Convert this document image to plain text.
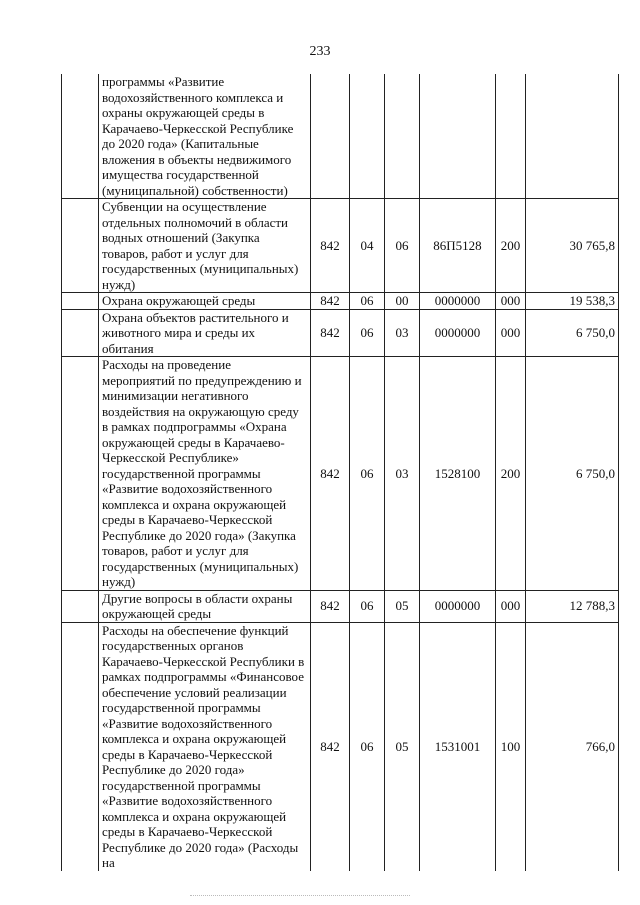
233
	программы «Развитие водохозяйственного комплекса и охраны окружающей среды в Карачаево-Черкесской Республике до 2020 года» (Капитальные вложения в объекты недвижимого имущества государственной (муниципальной) собственности)						
	Субвенции на осуществление отдельных полномочий в области водных отношений (Закупка товаров, работ и услуг для государственных (муниципальных) нужд)	842	04	06	86П5128	200	30 765,8
	Охрана окружающей среды	842	06	00	0000000	000	19 538,3
	Охрана объектов растительного и животного мира и среды их обитания	842	06	03	0000000	000	6 750,0
	Расходы на проведение мероприятий по предупреждению и минимизации негативного воздействия на окружающую среду в рамках подпрограммы «Охрана окружающей среды в Карачаево-Черкесской Республике» государственной программы «Развитие водохозяйственного комплекса и охрана окружающей среды в Карачаево-Черкесской Республике до 2020 года» (Закупка товаров, работ и услуг для государственных (муниципальных) нужд)	842	06	03	1528100	200	6 750,0
	Другие вопросы в области охраны окружающей среды	842	06	05	0000000	000	12 788,3
	Расходы на обеспечение функций государственных органов Карачаево-Черкесской Республики в рамках подпрограммы «Финансовое обеспечение условий реализации государственной программы «Развитие водохозяйственного комплекса и охрана окружающей среды в Карачаево-Черкесской Республике до 2020 года» государственной программы «Развитие водохозяйственного комплекса и охрана окружающей среды в Карачаево-Черкесской Республике до 2020 года» (Расходы на	842	06	05	1531001	100	766,0
